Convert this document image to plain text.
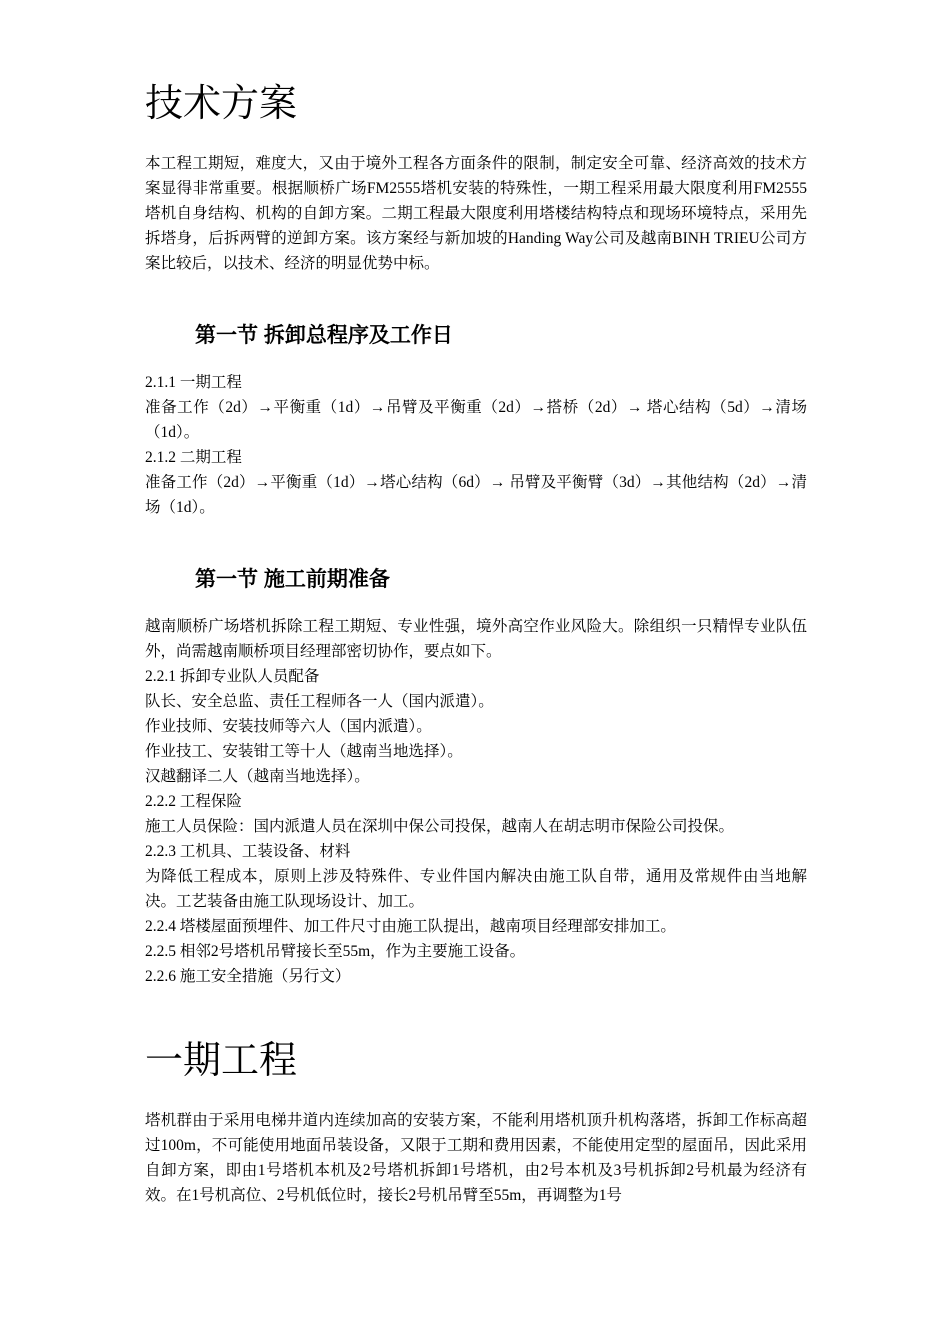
技术方案

本工程工期短，难度大，又由于境外工程各方面条件的限制，制定安全可靠、经济高效的技术方案显得非常重要。根据顺桥广场FM2555塔机安装的特殊性，一期工程采用最大限度利用FM2555塔机自身结构、机构的自卸方案。二期工程最大限度利用塔楼结构特点和现场环境特点，采用先拆塔身，后拆两臂的逆卸方案。该方案经与新加坡的Handing Way公司及越南BINH TRIEU公司方案比较后，以技术、经济的明显优势中标。

第一节 拆卸总程序及工作日

2.1.1 一期工程

准备工作（2d）→平衡重（1d）→吊臂及平衡重（2d）→搭桥（2d）→ 塔心结构（5d）→清场（1d）。

2.1.2 二期工程

准备工作（2d）→平衡重（1d）→塔心结构（6d）→ 吊臂及平衡臂（3d）→其他结构（2d）→清场（1d）。

第一节 施工前期准备

越南顺桥广场塔机拆除工程工期短、专业性强，境外高空作业风险大。除组织一只精悍专业队伍外，尚需越南顺桥项目经理部密切协作，要点如下。

2.2.1 拆卸专业队人员配备

队长、安全总监、责任工程师各一人（国内派遣）。

作业技师、安装技师等六人（国内派遣）。

作业技工、安装钳工等十人（越南当地选择）。

汉越翻译二人（越南当地选择）。

2.2.2 工程保险

施工人员保险：国内派遣人员在深圳中保公司投保，越南人在胡志明市保险公司投保。

2.2.3 工机具、工装设备、材料

为降低工程成本，原则上涉及特殊件、专业件国内解决由施工队自带，通用及常规件由当地解决。工艺装备由施工队现场设计、加工。

2.2.4 塔楼屋面预埋件、加工件尺寸由施工队提出，越南项目经理部安排加工。

2.2.5 相邻2号塔机吊臂接长至55m，作为主要施工设备。

2.2.6 施工安全措施（另行文）

一期工程

塔机群由于采用电梯井道内连续加高的安装方案，不能利用塔机顶升机构落塔，拆卸工作标高超过100m，不可能使用地面吊装设备，又限于工期和费用因素，不能使用定型的屋面吊，因此采用自卸方案，即由1号塔机本机及2号塔机拆卸1号塔机，由2号本机及3号机拆卸2号机最为经济有效。在1号机高位、2号机低位时，接长2号机吊臂至55m，再调整为1号
